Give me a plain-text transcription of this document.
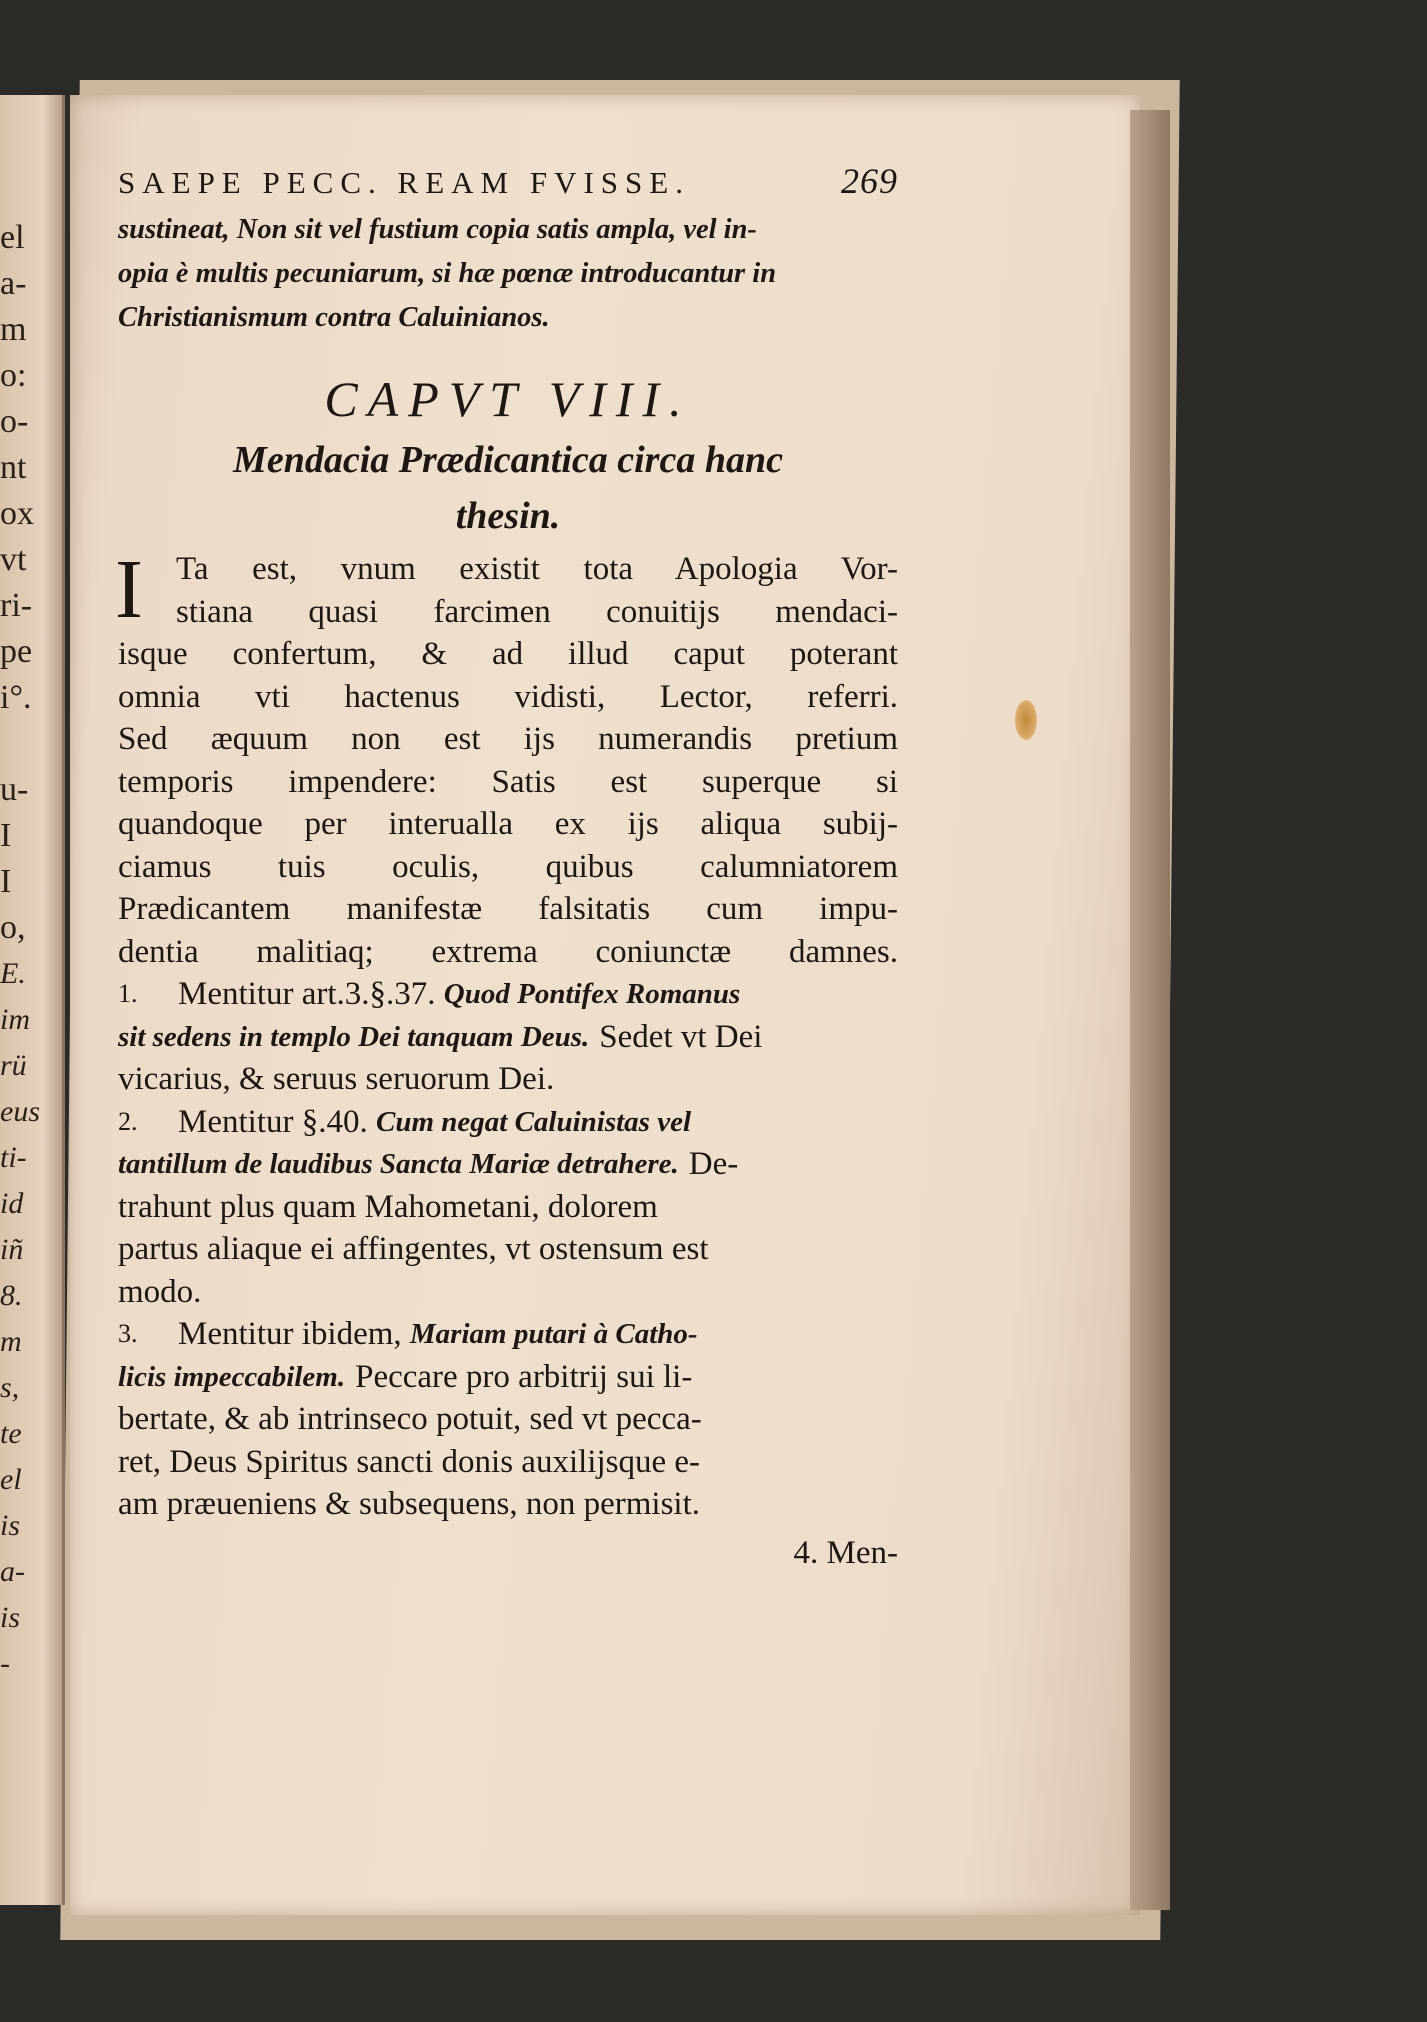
el
a-
m
o:
o-
nt
ox
vt
ri-
pe
i°.
u-
I
I
o,
E.
im
rü
eus
ti-
id
iñ
8.
m
s,
te
el
is
a-
is
-
SAEPE PECC. REAM FVISSE.	269
sustineat, Non sit vel fustium copia satis ampla, vel in-
opia è multis pecuniarum, si hæ pœnæ introducantur in
Christianismum contra Caluinianos.
CAPVT VIII.
Mendacia Prædicantica circa hanc
thesin.
I	Ta est, vnum existit tota Apologia Vor-
stiana quasi farcimen conuitijs mendaci-
isque confertum, & ad illud caput poterant
omnia vti hactenus vidisti, Lector, referri.
Sed æquum non est ijs numerandis pretium
temporis impendere: Satis est superque si
quandoque per interualla ex ijs aliqua subij-
ciamus tuis oculis, quibus calumniatorem
Prædicantem manifestæ falsitatis cum impu-
dentia malitiaq; extrema coniunctæ damnes.
1.	Mentitur art.3.§.37. Quod Pontifex Romanus
sit sedens in templo Dei tanquam Deus. Sedet vt Dei
vicarius, & seruus seruorum Dei.
2.	Mentitur §.40. Cum negat Caluinistas vel
tantillum de laudibus Sancta Mariæ detrahere. De-
trahunt plus quam Mahometani, dolorem
partus aliaque ei affingentes, vt ostensum est
modo.
3.	Mentitur ibidem, Mariam putari à Catho-
licis impeccabilem. Peccare pro arbitrij sui li-
bertate, & ab intrinseco potuit, sed vt pecca-
ret, Deus Spiritus sancti donis auxilijsque e-
am præueniens & subsequens, non permisit.
4. Men-
